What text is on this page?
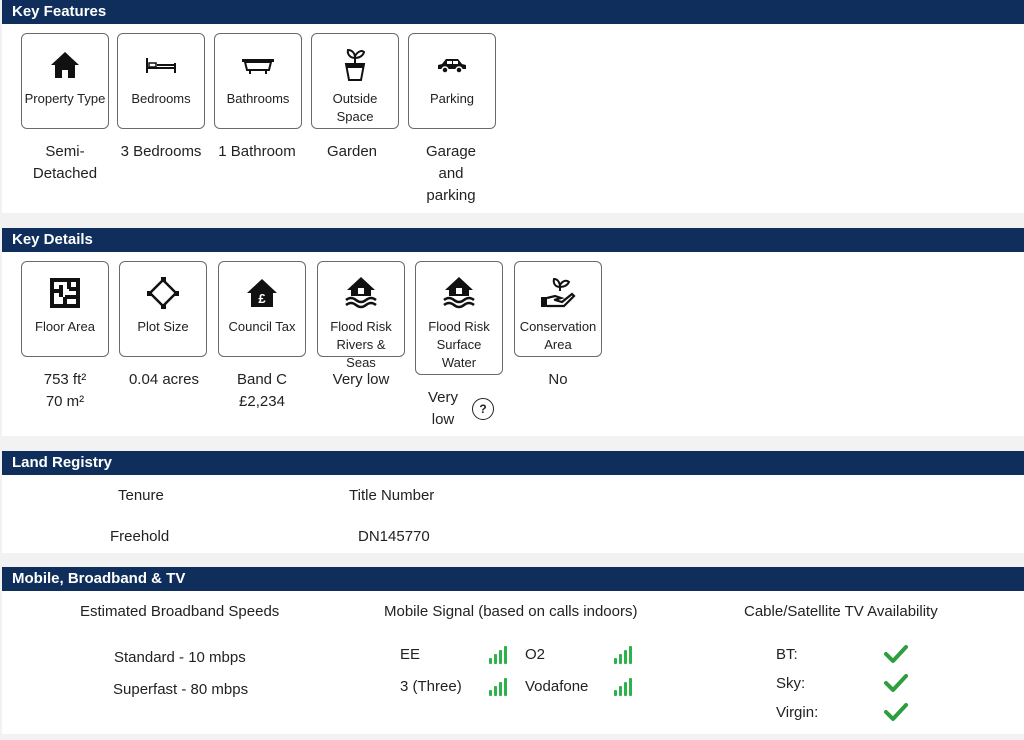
Key Features
Property Type
Semi-Detached
Bedrooms
3 Bedrooms
Bathrooms
1 Bathroom
Outside Space
Garden
Parking
Garage and parking
Key Details
Floor Area
753 ft² 70 m²
Plot Size
0.04 acres
£
Council Tax
Band C £2,234
Flood Risk Rivers & Seas
Very low
Flood Risk Surface Water
Very low
?
Conservation Area
No
Land Registry
Tenure	Title Number
Freehold	DN145770
Mobile, Broadband & TV
Estimated Broadband Speeds
Standard - 10 mbps
Superfast - 80 mbps
Mobile Signal (based on calls indoors)
EE	O2
3 (Three)	Vodafone
Cable/Satellite TV Availability
BT:
Sky:
Virgin:
